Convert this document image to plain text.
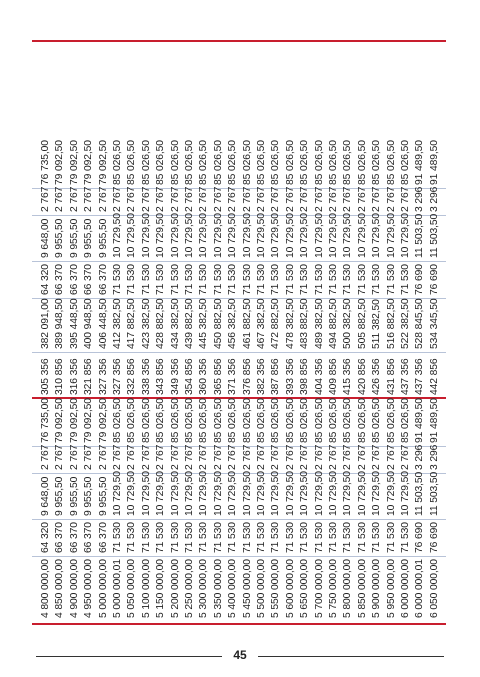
4 800 000,00
64 320
9 648,00
2 767
76 735,00
305 356
382 091,00
64 320
9 648,00
2 767
76 735,00
4 850 000,00
66 370
9 955,50
2 767
79 092,50
310 856
389 948,50
66 370
9 955,50
2 767
79 092,50
4 900 000,00
66 370
9 955,50
2 767
79 092,50
316 356
395 448,50
66 370
9 955,50
2 767
79 092,50
4 950 000,00
66 370
9 955,50
2 767
79 092,50
321 856
400 948,50
66 370
9 955,50
2 767
79 092,50
5 000 000,00
66 370
9 955,50
2 767
79 092,50
327 356
406 448,50
66 370
9 955,50
2 767
79 092,50
5 000 000,01
71 530
10 729,50
2 767
85 026,50
327 356
412 382,50
71 530
10 729,50
2 767
85 026,50
5 050 000,00
71 530
10 729,50
2 767
85 026,50
332 856
417 882,50
71 530
10 729,50
2 767
85 026,50
5 100 000,00
71 530
10 729,50
2 767
85 026,50
338 356
423 382,50
71 530
10 729,50
2 767
85 026,50
5 150 000,00
71 530
10 729,50
2 767
85 026,50
343 856
428 882,50
71 530
10 729,50
2 767
85 026,50
5 200 000,00
71 530
10 729,50
2 767
85 026,50
349 356
434 382,50
71 530
10 729,50
2 767
85 026,50
5 250 000,00
71 530
10 729,50
2 767
85 026,50
354 856
439 882,50
71 530
10 729,50
2 767
85 026,50
5 300 000,00
71 530
10 729,50
2 767
85 026,50
360 356
445 382,50
71 530
10 729,50
2 767
85 026,50
5 350 000,00
71 530
10 729,50
2 767
85 026,50
365 856
450 882,50
71 530
10 729,50
2 767
85 026,50
5 400 000,00
71 530
10 729,50
2 767
85 026,50
371 356
456 382,50
71 530
10 729,50
2 767
85 026,50
5 450 000,00
71 530
10 729,50
2 767
85 026,50
376 856
461 882,50
71 530
10 729,50
2 767
85 026,50
5 500 000,00
71 530
10 729,50
2 767
85 026,50
382 356
467 382,50
71 530
10 729,50
2 767
85 026,50
5 550 000,00
71 530
10 729,50
2 767
85 026,50
387 856
472 882,50
71 530
10 729,50
2 767
85 026,50
5 600 000,00
71 530
10 729,50
2 767
85 026,50
393 356
478 382,50
71 530
10 729,50
2 767
85 026,50
5 650 000,00
71 530
10 729,50
2 767
85 026,50
398 856
483 882,50
71 530
10 729,50
2 767
85 026,50
5 700 000,00
71 530
10 729,50
2 767
85 026,50
404 356
489 382,50
71 530
10 729,50
2 767
85 026,50
5 750 000,00
71 530
10 729,50
2 767
85 026,50
409 856
494 882,50
71 530
10 729,50
2 767
85 026,50
5 800 000,00
71 530
10 729,50
2 767
85 026,50
415 356
500 382,50
71 530
10 729,50
2 767
85 026,50
5 850 000,00
71 530
10 729,50
2 767
85 026,50
420 856
505 882,50
71 530
10 729,50
2 767
85 026,50
5 900 000,00
71 530
10 729,50
2 767
85 026,50
426 356
511 382,50
71 530
10 729,50
2 767
85 026,50
5 950 000,00
71 530
10 729,50
2 767
85 026,50
431 856
516 882,50
71 530
10 729,50
2 767
85 026,50
6 000 000,00
71 530
10 729,50
2 767
85 026,50
437 356
522 382,50
71 530
10 729,50
2 767
85 026,50
6 000 000,01
76 690
11 503,50
3 296
91 489,50
437 356
528 845,50
76 690
11 503,50
3 296
91 489,50
6 050 000,00
76 690
11 503,50
3 296
91 489,50
442 856
534 345,50
76 690
11 503,50
3 296
91 489,50
45
